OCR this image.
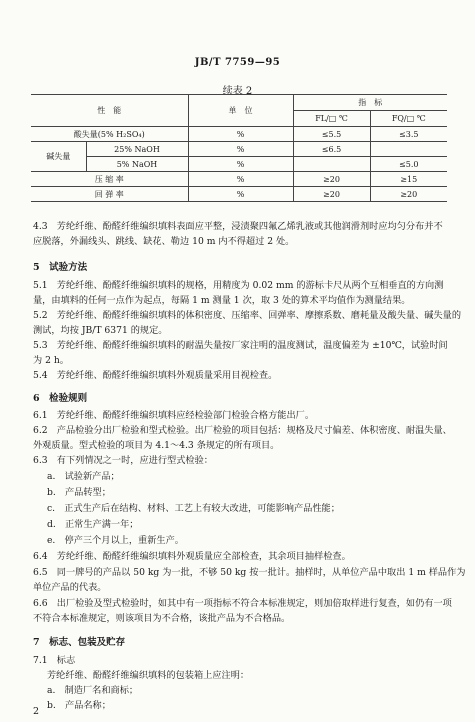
JB/T 7759—95
续表 2
性　能		单　位	指　标	
			FL/□ ℃	FQ/□ ℃
酸失量(5% H₂SO₄)		%	≤5.5	≤3.5
碱失量	25% NaOH	%	≤6.5	
	5% NaOH	%		≤5.0
压 缩 率		%	≥20	≥15
回 弹 率		%	≥20	≥20
4.3　芳纶纤维、酚醛纤维编织填料表面应平整，浸渍聚四氟乙烯乳液或其他润滑剂时应均匀分布并不
应脱落，外漏线头、跳线、缺花、勒边 10 m 内不得超过 2 处。
5　试验方法
5.1　芳纶纤维、酚醛纤维编织填料的规格，用精度为 0.02 mm 的游标卡尺从两个互相垂直的方向测
量，由填料的任何一点作为起点，每隔 1 m 测量 1 次，取 3 处的算术平均值作为测量结果。
5.2　芳纶纤维、酚醛纤维编织填料的体积密度、压缩率、回弹率、摩擦系数、磨耗量及酸失量、碱失量的
测试，均按 JB/T 6371 的规定。
5.3　芳纶纤维、酚醛纤维编织填料的耐温失量按厂家注明的温度测试，温度偏差为 ±10℃，试验时间
为 2 h。
5.4　芳纶纤维、酚醛纤维编织填料外观质量采用目视检查。
6　检验规则
6.1　芳纶纤维、酚醛纤维编织填料应经检验部门检验合格方能出厂。
6.2　产品检验分出厂检验和型式检验。出厂检验的项目包括：规格及尺寸偏差、体积密度、耐温失量、
外观质量。型式检验的项目为 4.1～4.3 条规定的所有项目。
6.3　有下列情况之一时，应进行型式检验：
a.　试验新产品；
b.　产品转型；
c.　正式生产后在结构、材料、工艺上有较大改进，可能影响产品性能；
d.　正常生产满一年；
e.　停产三个月以上，重新生产。
6.4　芳纶纤维、酚醛纤维编织填料外观质量应全部检查，其余项目抽样检查。
6.5　同一牌号的产品以 50 kg 为一批，不够 50 kg 按一批计。抽样时，从单位产品中取出 1 m 样品作为
单位产品的代表。
6.6　出厂检验及型式检验时，如其中有一项指标不符合本标准规定，则加倍取样进行复查，如仍有一项
不符合本标准规定，则该项目为不合格，该批产品为不合格品。
7　标志、包装及贮存
7.1　标志
芳纶纤维、酚醛纤维编织填料的包装箱上应注明：
a.　制造厂名和商标；
b.　产品名称；
2
